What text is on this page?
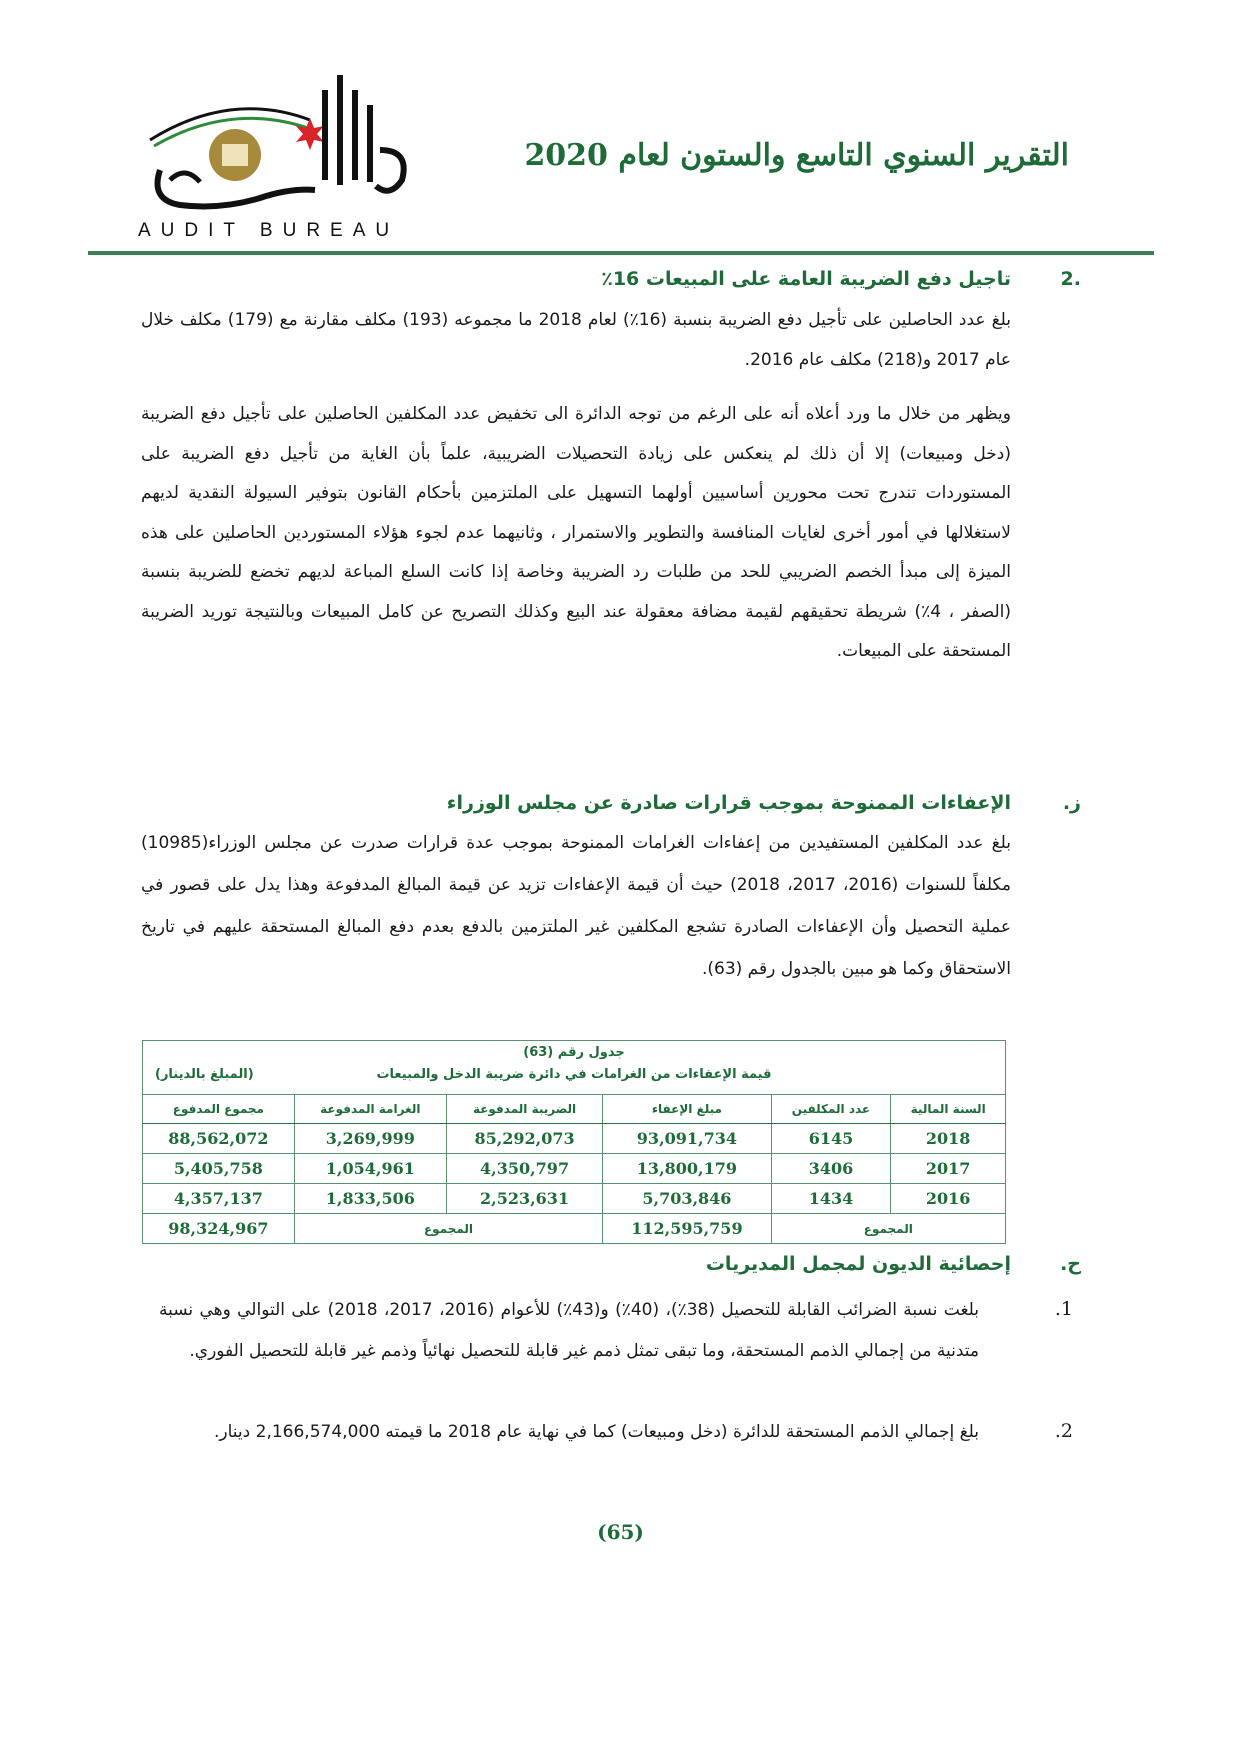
AUDIT BUREAU
التقرير السنوي التاسع والستون لعام 2020
.2
تاجيل دفع الضريبة العامة على المبيعات 16٪

بلغ عدد الحاصلين على تأجيل دفع الضريبة بنسبة (16٪) لعام 2018 ما مجموعه (193) مكلف مقارنة مع (179) مكلف خلال عام 2017 و(218) مكلف عام 2016.

ويظهر من خلال ما ورد أعلاه أنه على الرغم من توجه الدائرة الى تخفيض عدد المكلفين الحاصلين على تأجيل دفع الضريبة (دخل ومبيعات) إلا أن ذلك لم ينعكس على زيادة التحصيلات الضريبية، علماً بأن الغاية من تأجيل دفع الضريبة على المستوردات تندرج تحت محورين أساسيين أولهما التسهيل على الملتزمين بأحكام القانون بتوفير السيولة النقدية لديهم لاستغلالها في أمور أخرى لغايات المنافسة والتطوير والاستمرار ، وثانيهما عدم لجوء هؤلاء المستوردين الحاصلين على هذه الميزة إلى مبدأ الخصم الضريبي للحد من طلبات رد الضريبة وخاصة إذا كانت السلع المباعة لديهم تخضع للضريبة بنسبة (الصفر ، 4٪) شريطة تحقيقهم لقيمة مضافة معقولة عند البيع وكذلك التصريح عن كامل المبيعات وبالنتيجة توريد الضريبة المستحقة على المبيعات.

ز.
الإعفاءات الممنوحة بموجب قرارات صادرة عن مجلس الوزراء

بلغ عدد المكلفين المستفيدين من إعفاءات الغرامات الممنوحة بموجب عدة قرارات صدرت عن مجلس الوزراء(10985) مكلفاً للسنوات (2016، 2017، 2018) حيث أن قيمة الإعفاءات تزيد عن قيمة المبالغ المدفوعة وهذا يدل على قصور في عملية التحصيل وأن الإعفاءات الصادرة تشجع المكلفين غير الملتزمين بالدفع بعدم دفع المبالغ المستحقة عليهم في تاريخ الاستحقاق وكما هو مبين بالجدول رقم (63).

جدول رقم (63)
قيمة الإعفاءات من الغرامات في دائرة ضريبة الدخل والمبيعات
(المبلغ بالدينار)
السنة المالية	عدد المكلفين	مبلغ الإعفاء	الضريبة المدفوعة	الغرامة المدفوعة	مجموع المدفوع
2018	6145	93,091,734	85,292,073	3,269,999	88,562,072
2017	3406	13,800,179	4,350,797	1,054,961	5,405,758
2016	1434	5,703,846	2,523,631	1,833,506	4,357,137
المجموع		112,595,759	المجموع		98,324,967
ح.
إحصائية الديون لمجمل المديريات
.1

بلغت نسبة الضرائب القابلة للتحصيل (38٪)، (40٪) و(43٪) للأعوام (2016، 2017، 2018) على التوالي وهي نسبة متدنية من إجمالي الذمم المستحقة، وما تبقى تمثل ذمم غير قابلة للتحصيل نهائياً وذمم غير قابلة للتحصيل الفوري.

.2

بلغ إجمالي الذمم المستحقة للدائرة (دخل ومبيعات) كما في نهاية عام 2018 ما قيمته 2,166,574,000 دينار.

(65)
